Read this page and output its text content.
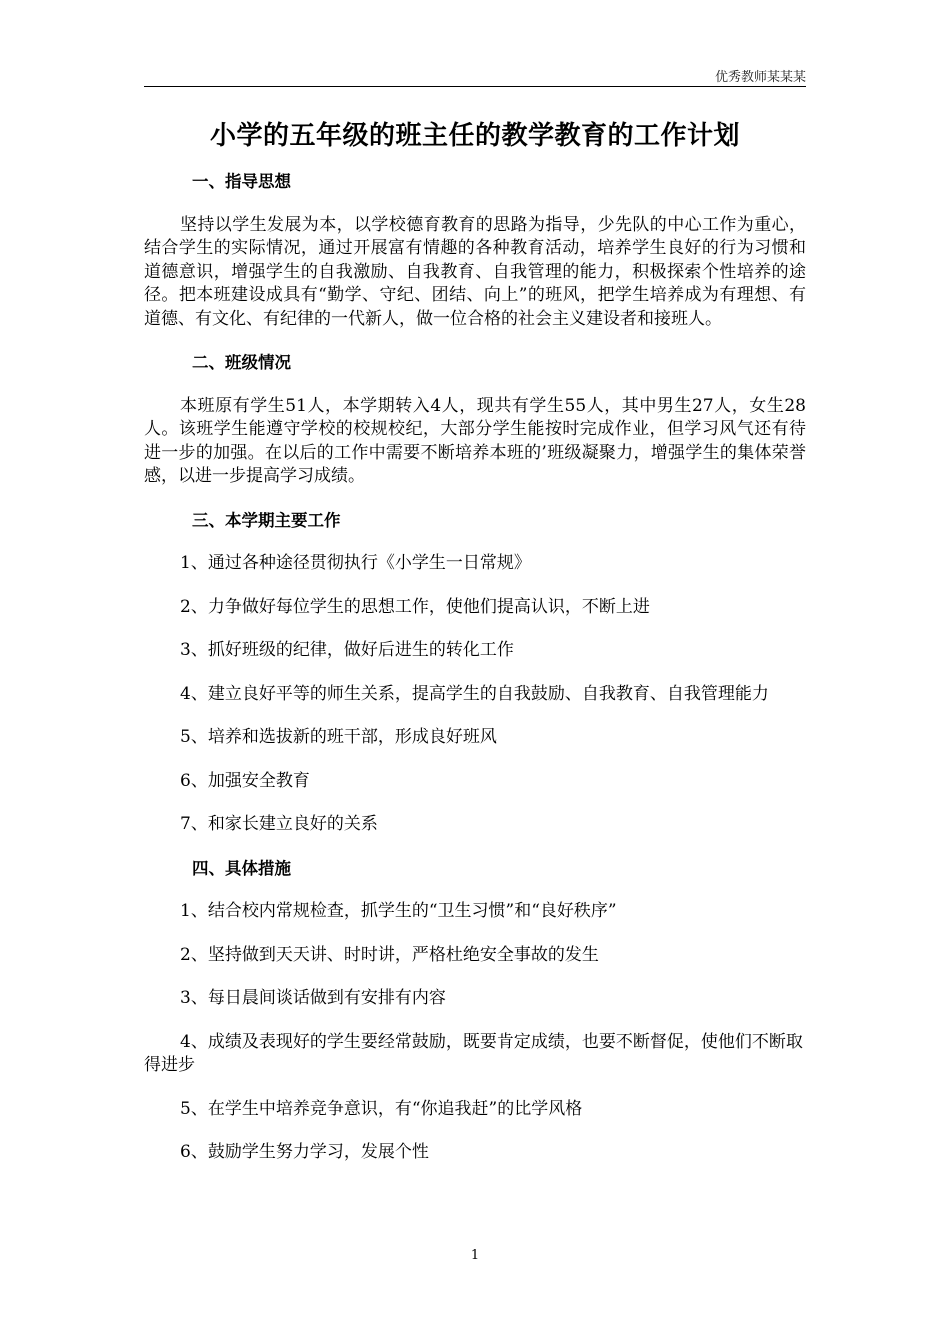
优秀教师某某某
小学的五年级的班主任的教学教育的工作计划

一、指导思想

坚持以学生发展为本，以学校德育教育的思路为指导，少先队的中心工作为重心，结合学生的实际情况，通过开展富有情趣的各种教育活动，培养学生良好的行为习惯和道德意识，增强学生的自我激励、自我教育、自我管理的能力，积极探索个性培养的途径。把本班建设成具有“勤学、守纪、团结、向上”的班风，把学生培养成为有理想、有道德、有文化、有纪律的一代新人，做一位合格的社会主义建设者和接班人。

二、班级情况

本班原有学生51人，本学期转入4人，现共有学生55人，其中男生27人，女生28人。该班学生能遵守学校的校规校纪，大部分学生能按时完成作业，但学习风气还有待进一步的加强。在以后的工作中需要不断培养本班的’班级凝聚力，增强学生的集体荣誉感，以进一步提高学习成绩。

三、本学期主要工作

1、通过各种途径贯彻执行《小学生一日常规》

2、力争做好每位学生的思想工作，使他们提高认识，不断上进

3、抓好班级的纪律，做好后进生的转化工作

4、建立良好平等的师生关系，提高学生的自我鼓励、自我教育、自我管理能力

5、培养和选拔新的班干部，形成良好班风

6、加强安全教育

7、和家长建立良好的关系

四、具体措施

1、结合校内常规检查，抓学生的“卫生习惯”和“良好秩序”

2、坚持做到天天讲、时时讲，严格杜绝安全事故的发生

3、每日晨间谈话做到有安排有内容

4、成绩及表现好的学生要经常鼓励，既要肯定成绩，也要不断督促，使他们不断取得进步

5、在学生中培养竞争意识，有“你追我赶”的比学风格

6、鼓励学生努力学习，发展个性

1
